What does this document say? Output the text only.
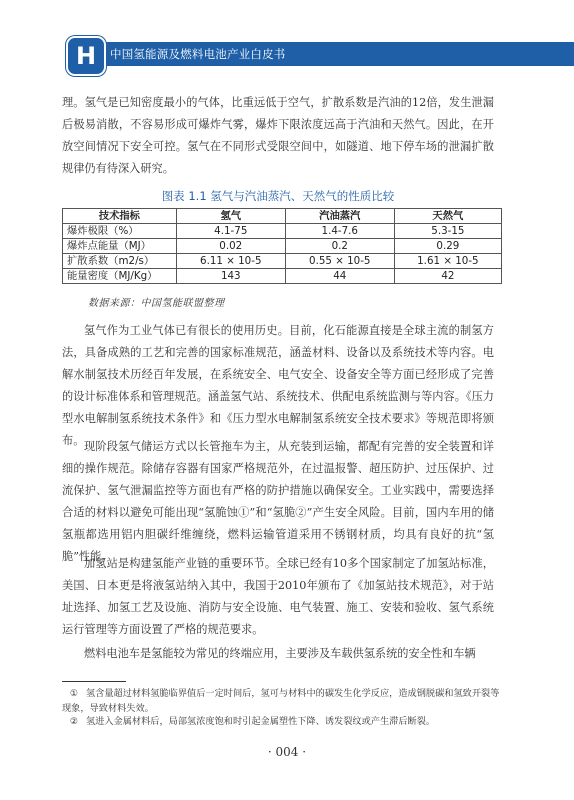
中国氢能源及燃料电池产业白皮书
H

理。氢气是已知密度最小的气体，比重远低于空气，扩散系数是汽油的12倍，发生泄漏后极易消散，不容易形成可爆炸气雾，爆炸下限浓度远高于汽油和天然气。因此，在开放空间情况下安全可控。氢气在不同形式受限空间中，如隧道、地下停车场的泄漏扩散规律仍有待深入研究。

图表 1.1 氢气与汽油蒸汽、天然气的性质比较
技术指标	氢气	汽油蒸汽	天然气
爆炸极限（%）	4.1-75	1.4-7.6	5.3-15
爆炸点能量（MJ）	0.02	0.2	0.29
扩散系数（m2/s）	6.11 × 10-5	0.55 × 10-5	1.61 × 10-5
能量密度（MJ/Kg）	143	44	42
数据来源：中国氢能联盟整理

氢气作为工业气体已有很长的使用历史。目前，化石能源直接是全球主流的制氢方法，具备成熟的工艺和完善的国家标准规范，涵盖材料、设备以及系统技术等内容。电解水制氢技术历经百年发展，在系统安全、电气安全、设备安全等方面已经形成了完善的设计标准体系和管理规范。涵盖氢气站、系统技术、供配电系统监测与等内容。《压力型水电解制氢系统技术条件》和《压力型水电解制氢系统安全技术要求》等规范即将颁布。 现阶段氢气储运方式以长管拖车为主，从充装到运输，都配有完善的安全装置和详细的操作规范。除储存容器有国家严格规范外，在过温报警、超压防护、过压保护、过流保护、氢气泄漏监控等方面也有严格的防护措施以确保安全。工业实践中，需要选择合适的材料以避免可能出现“氢脆蚀①”和“氢脆②”产生安全风险。目前，国内车用的储氢瓶都选用铝内胆碳纤维缠绕，燃料运输管道采用不锈钢材质，均具有良好的抗“氢脆”性能。

加氢站是构建氢能产业链的重要环节。全球已经有10多个国家制定了加氢站标准，美国、日本更是将液氢站纳入其中，我国于2010年颁布了《加氢站技术规范》，对于站址选择、加氢工艺及设施、消防与安全设施、电气装置、施工、安装和验收、氢气系统运行管理等方面设置了严格的规范要求。

燃料电池车是氢能较为常见的终端应用，主要涉及车载供氢系统的安全性和车辆

① 氢含量超过材料氢脆临界值后一定时间后，氢可与材料中的碳发生化学反应，造成钢脱碳和氢致开裂等现象，导致材料失效。
② 氢进入金属材料后，局部氢浓度饱和时引起金属塑性下降、诱发裂纹或产生滞后断裂。
· 004 ·
